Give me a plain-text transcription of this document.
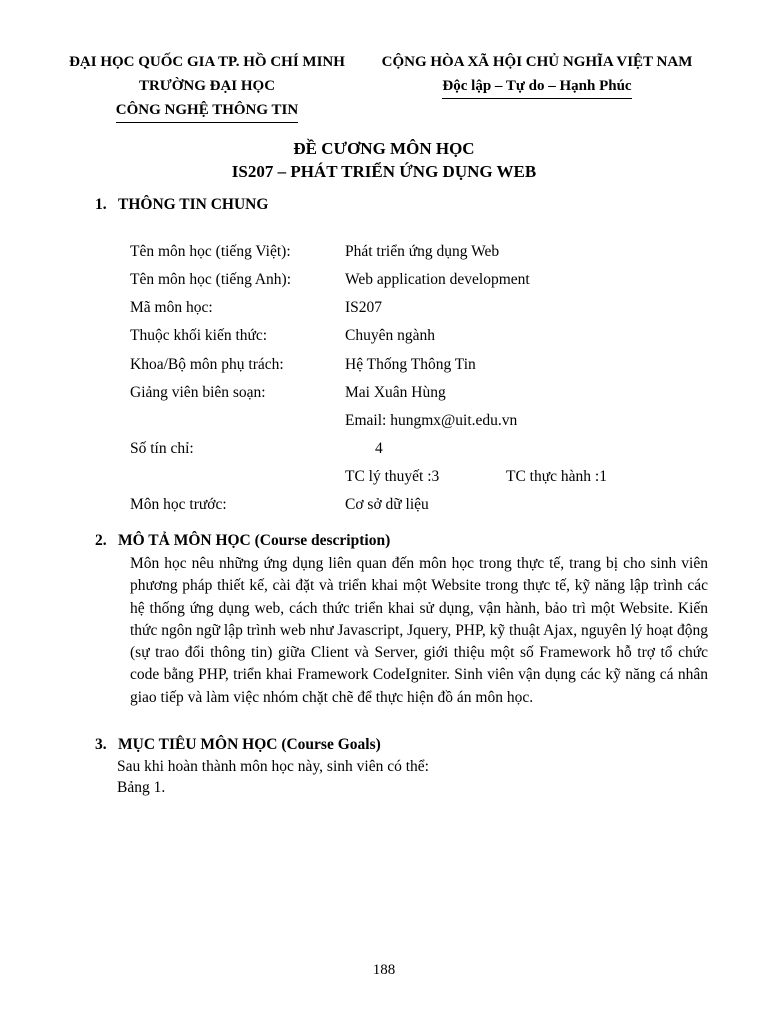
ĐẠI HỌC QUỐC GIA TP. HỒ CHÍ MINH
TRƯỜNG ĐẠI HỌC
CÔNG NGHỆ THÔNG TIN
CỘNG HÒA XÃ HỘI CHỦ NGHĨA VIỆT NAM
Độc lập – Tự do – Hạnh Phúc
ĐỀ CƯƠNG MÔN HỌC
IS207 – PHÁT TRIỂN ỨNG DỤNG WEB
1. THÔNG TIN CHUNG
Tên môn học (tiếng Việt):	Phát triển ứng dụng Web
Tên môn học (tiếng Anh):	Web application development
Mã môn học:	IS207
Thuộc khối kiến thức:	Chuyên ngành
Khoa/Bộ môn phụ trách:	Hệ Thống Thông Tin
Giảng viên biên soạn:	Mai Xuân Hùng
Email: hungmx@uit.edu.vn
Số tín chỉ:	4
TC lý thuyết :3	TC thực hành :1
Môn học trước:	Cơ sở dữ liệu
2. MÔ TẢ MÔN HỌC (Course description)

Môn học nêu những ứng dụng liên quan đến môn học trong thực tế, trang bị cho sinh viên phương pháp thiết kế, cài đặt và triển khai một Website trong thực tế, kỹ năng lập trình các hệ thống ứng dụng web, cách thức triển khai sử dụng, vận hành, bảo trì một Website. Kiến thức ngôn ngữ lập trình web như Javascript, Jquery, PHP, kỹ thuật Ajax, nguyên lý hoạt động (sự trao đổi thông tin) giữa Client và Server, giới thiệu một số Framework hỗ trợ tổ chức code bằng PHP, triển khai Framework CodeIgniter. Sinh viên vận dụng các kỹ năng cá nhân giao tiếp và làm việc nhóm chặt chẽ để thực hiện đồ án môn học.

3. MỤC TIÊU MÔN HỌC (Course Goals)
Sau khi hoàn thành môn học này, sinh viên có thể:
Bảng 1.
188
